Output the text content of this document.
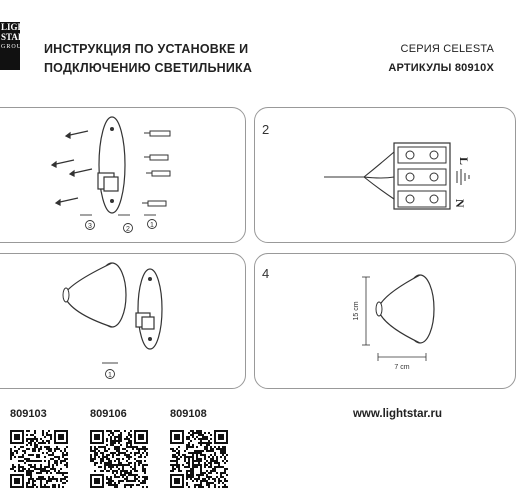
LIGHT
STAR
GROUP ИНСТРУКЦИЯ ПО УСТАНОВКЕ И
ПОДКЛЮЧЕНИЮ СВЕТИЛЬНИКА
СЕРИЯ CELESTA
АРТИКУЛЫ 80910X
3	2
1
2
L
N
1
4
15 cm
7 cm
809103	809106	809108	www.lightstar.ru
